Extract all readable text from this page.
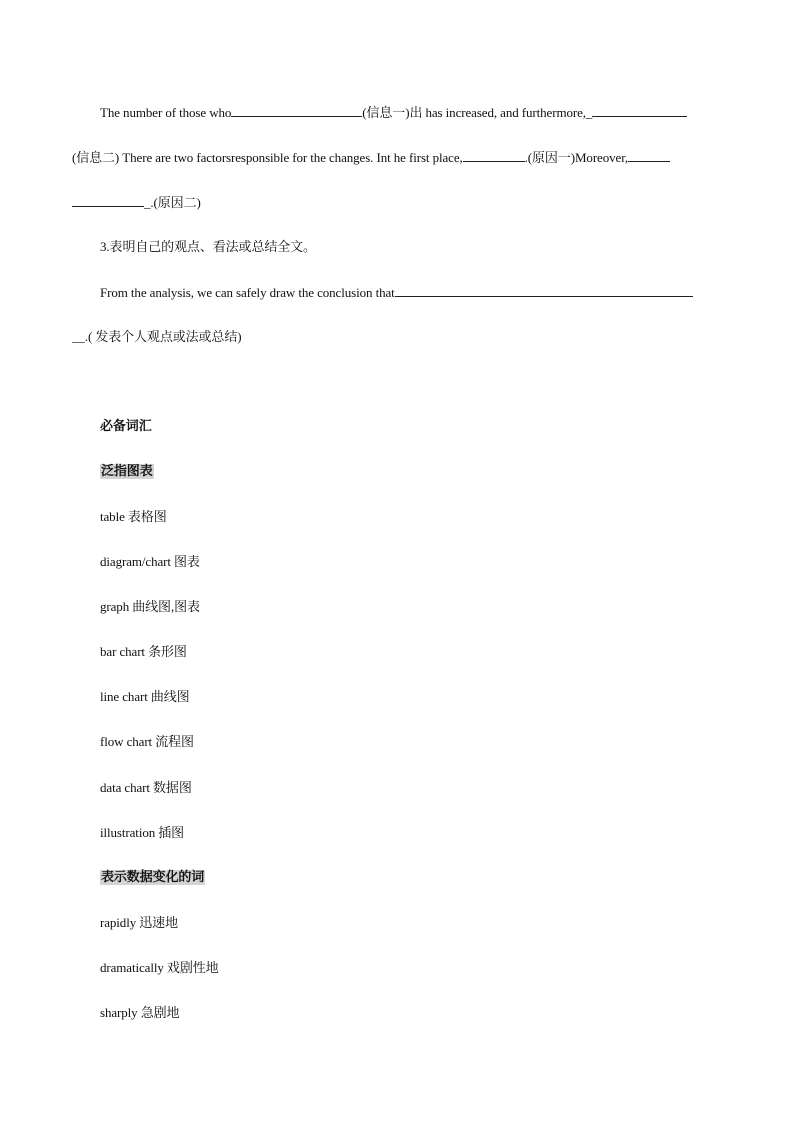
The number of those who	(信息一)出 has increased, and furthermore,_
(信息二) There are two factorsresponsible for the changes. Int he first place,	.(原因一)Moreover,
_.(原因二)
3.表明自己的观点、看法或总结全文。
From the analysis, we can safely draw the conclusion that
__.( 发表个人观点或法或总结)
必备词汇
泛指图表
table 表格图
diagram/chart 图表
graph 曲线图,图表
bar chart 条形图
line chart 曲线图
flow chart 流程图
data chart 数据图
illustration 插图
表示数据变化的词
rapidly 迅速地
dramatically 戏剧性地
sharply 急剧地
